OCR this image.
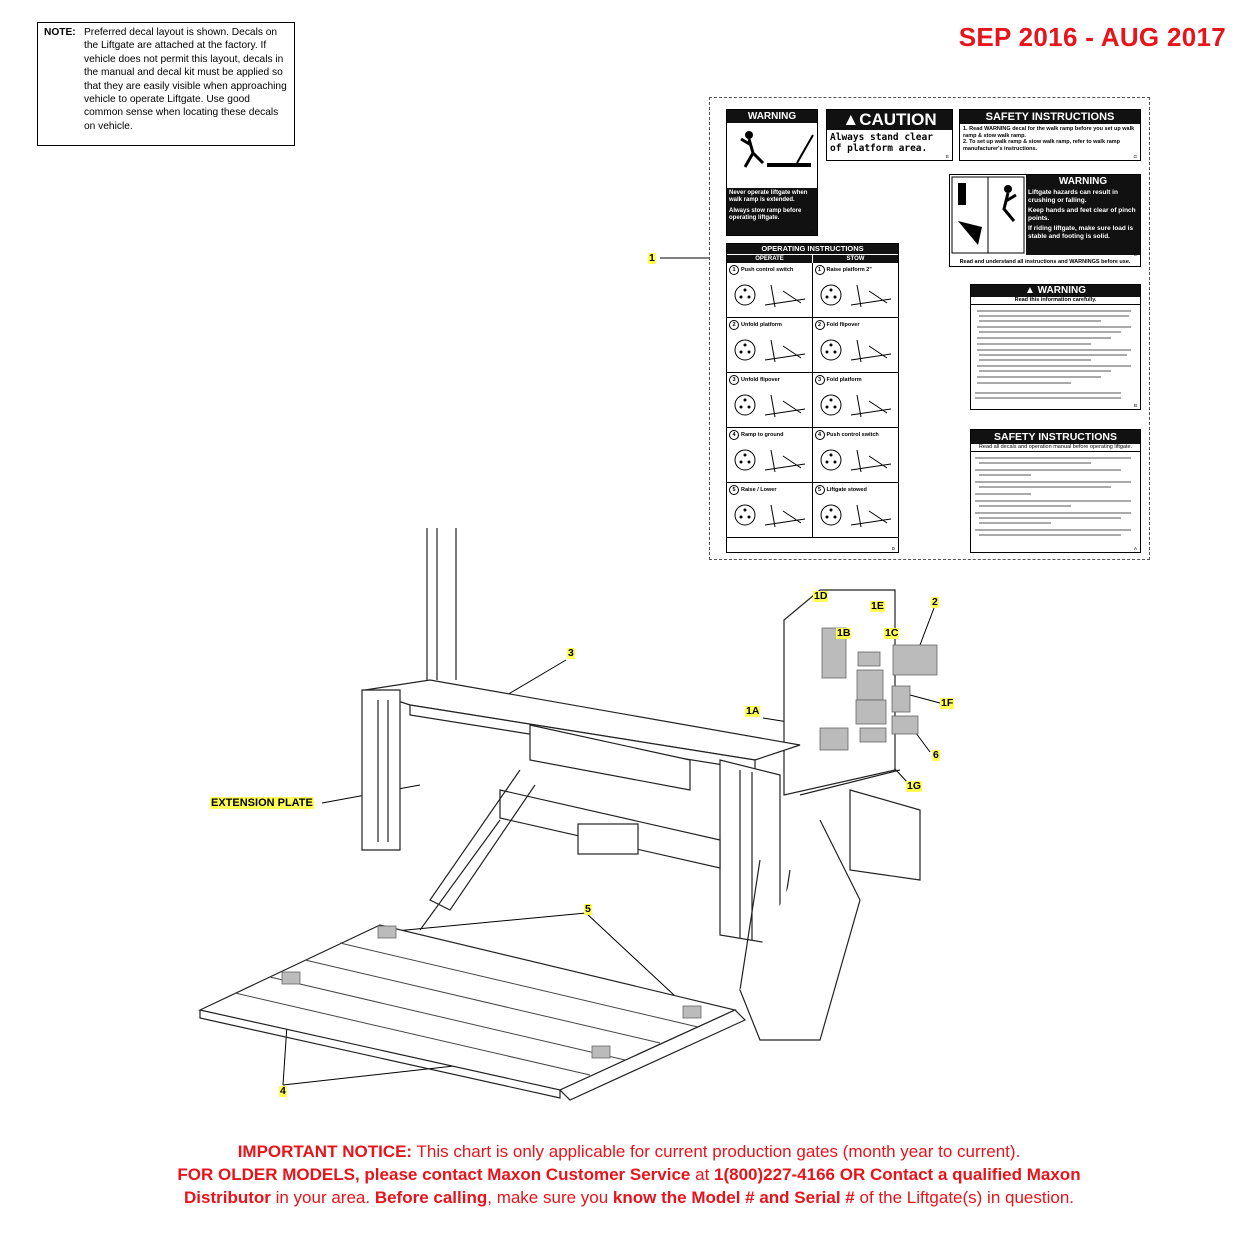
NOTE: Preferred decal layout is shown. Decals on the Liftgate are attached at the factory. If vehicle does not permit this layout, decals in the manual and decal kit must be applied so that they are easily visible when approaching vehicle to operate Liftgate. Use good common sense when locating these decals on vehicle.
SEP 2016 - AUG 2017
WARNING
Never operate liftgate when walk ramp is extended.
Always stow ramp before operating liftgate.
F
▲CAUTION
Always stand clear of platform area.
E
SAFETY INSTRUCTIONS
1. Read WARNING decal for the walk ramp before you set up walk ramp & stow walk ramp.
2. To set up walk ramp & stow walk ramp, refer to walk ramp manufacturer's instructions.
G
WARNING
Liftgate hazards can result in crushing or falling.
Keep hands and feet clear of pinch points.
If riding liftgate, make sure load is stable and footing is solid.
Read and understand all instructions and WARNINGS before use.
C
OPERATING INSTRUCTIONS
OPERATE	STOW
1 Push control switch	1 Raise platform 2"
2 Unfold platform	2 Fold flipover
3 Unfold flipover	3 Fold platform
4 Ramp to ground	4 Push control switch
5 Raise / Lower	5 Liftgate stowed
D
▲ WARNING
Read this information carefully.
B
SAFETY INSTRUCTIONS
Read all decals and operation manual before operating liftgate.
A
1
3
1D
1E	2
1B	1C
1F
1A
6
1G
5
4
EXTENSION PLATE
IMPORTANT NOTICE: This chart is only applicable for current production gates (month year to current).
FOR OLDER MODELS, please contact Maxon Customer Service at 1(800)227-4166 OR Contact a qualified Maxon
Distributor in your area. Before calling, make sure you know the Model # and Serial # of the Liftgate(s) in question.
